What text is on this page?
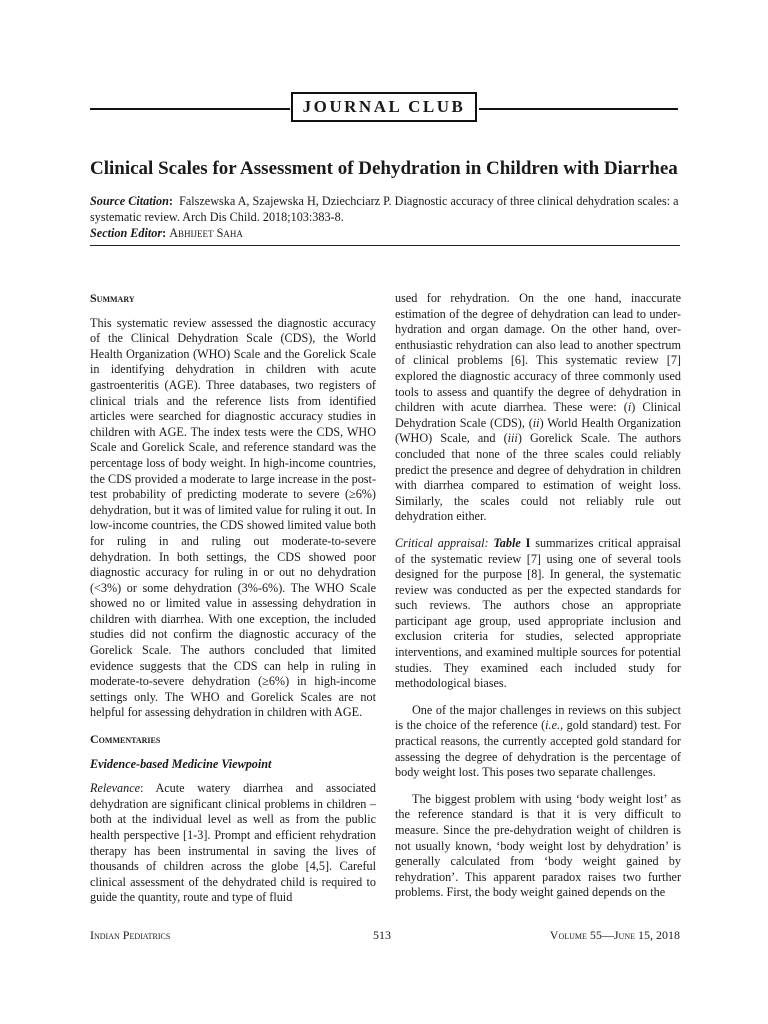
JOURNAL CLUB
Clinical Scales for Assessment of Dehydration in Children with Diarrhea
Source Citation: Falszewska A, Szajewska H, Dziechciarz P. Diagnostic accuracy of three clinical dehydration scales: a systematic review. Arch Dis Child. 2018;103:383-8.
Section Editor: Abhijeet Saha
Summary

This systematic review assessed the diagnostic accuracy of the Clinical Dehydration Scale (CDS), the World Health Organization (WHO) Scale and the Gorelick Scale in identifying dehydration in children with acute gastroenteritis (AGE). Three databases, two registers of clinical trials and the reference lists from identified articles were searched for diagnostic accuracy studies in children with AGE. The index tests were the CDS, WHO Scale and Gorelick Scale, and reference standard was the percentage loss of body weight. In high-income countries, the CDS provided a moderate to large increase in the post-test probability of predicting moderate to severe (≥6%) dehydration, but it was of limited value for ruling it out. In low-income countries, the CDS showed limited value both for ruling in and ruling out moderate-to-severe dehydration. In both settings, the CDS showed poor diagnostic accuracy for ruling in or out no dehydration (<3%) or some dehydration (3%-6%). The WHO Scale showed no or limited value in assessing dehydration in children with diarrhea. With one exception, the included studies did not confirm the diagnostic accuracy of the Gorelick Scale. The authors concluded that limited evidence suggests that the CDS can help in ruling in moderate-to-severe dehydration (≥6%) in high-income settings only. The WHO and Gorelick Scales are not helpful for assessing dehydration in children with AGE.

Commentaries
Evidence-based Medicine Viewpoint

Relevance: Acute watery diarrhea and associated dehydration are significant clinical problems in children – both at the individual level as well as from the public health perspective [1-3]. Prompt and efficient rehydration therapy has been instrumental in saving the lives of thousands of children across the globe [4,5]. Careful clinical assessment of the dehydrated child is required to guide the quantity, route and type of fluid

used for rehydration. On the one hand, inaccurate estimation of the degree of dehydration can lead to under-hydration and organ damage. On the other hand, over-enthusiastic rehydration can also lead to another spectrum of clinical problems [6]. This systematic review [7] explored the diagnostic accuracy of three commonly used tools to assess and quantify the degree of dehydration in children with acute diarrhea. These were: (i) Clinical Dehydration Scale (CDS), (ii) World Health Organization (WHO) Scale, and (iii) Gorelick Scale. The authors concluded that none of the three scales could reliably predict the presence and degree of dehydration in children with diarrhea compared to estimation of weight loss. Similarly, the scales could not reliably rule out dehydration either.

Critical appraisal: Table I summarizes critical appraisal of the systematic review [7] using one of several tools designed for the purpose [8]. In general, the systematic review was conducted as per the expected standards for such reviews. The authors chose an appropriate participant age group, used appropriate inclusion and exclusion criteria for studies, selected appropriate interventions, and examined multiple sources for potential studies. They examined each included study for methodological biases.

One of the major challenges in reviews on this subject is the choice of the reference (i.e., gold standard) test. For practical reasons, the currently accepted gold standard for assessing the degree of dehydration is the percentage of body weight lost. This poses two separate challenges.

The biggest problem with using ‘body weight lost’ as the reference standard is that it is very difficult to measure. Since the pre-dehydration weight of children is not usually known, ‘body weight lost by dehydration’ is generally calculated from ‘body weight gained by rehydration’. This apparent paradox raises two further problems. First, the body weight gained depends on the

Indian Pediatrics	513	Volume 55—June 15, 2018
